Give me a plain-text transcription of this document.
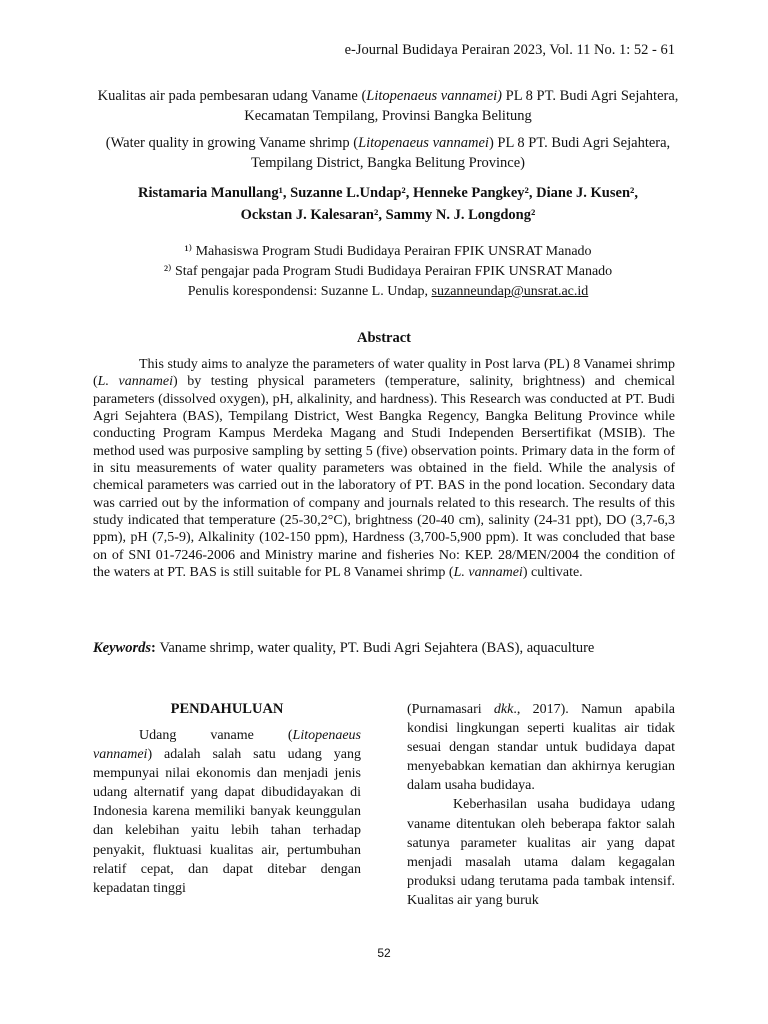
e-Journal Budidaya Perairan 2023, Vol. 11 No. 1: 52 - 61

Kualitas air pada pembesaran udang Vaname (Litopenaeus vannamei) PL 8 PT. Budi Agri Sejahtera, Kecamatan Tempilang, Provinsi Bangka Belitung

(Water quality in growing Vaname shrimp (Litopenaeus vannamei) PL 8 PT. Budi Agri Sejahtera, Tempilang District, Bangka Belitung Province)

Ristamaria Manullang¹, Suzanne L.Undap², Henneke Pangkey², Diane J. Kusen²,

Ockstan J. Kalesaran², Sammy N. J. Longdong²

¹⁾ Mahasiswa Program Studi Budidaya Perairan FPIK UNSRAT Manado

²⁾ Staf pengajar pada Program Studi Budidaya Perairan FPIK UNSRAT Manado

Penulis korespondensi: Suzanne L. Undap, suzanneundap@unsrat.ac.id

Abstract

This study aims to analyze the parameters of water quality in Post larva (PL) 8 Vanamei shrimp (L. vannamei) by testing physical parameters (temperature, salinity, brightness) and chemical parameters (dissolved oxygen), pH, alkalinity, and hardness). This Research was conducted at PT. Budi Agri Sejahtera (BAS), Tempilang District, West Bangka Regency, Bangka Belitung Province while conducting Program Kampus Merdeka Magang and Studi Independen Bersertifikat (MSIB). The method used was purposive sampling by setting 5 (five) observation points. Primary data in the form of in situ measurements of water quality parameters was obtained in the field. While the analysis of chemical parameters was carried out in the laboratory of PT. BAS in the pond location. Secondary data was carried out by the information of company and journals related to this research. The results of this study indicated that temperature (25-30,2°C), brightness (20-40 cm), salinity (24-31 ppt), DO (3,7-6,3 ppm), pH (7,5-9), Alkalinity (102-150 ppm), Hardness (3,700-5,900 ppm). It was concluded that base on of SNI 01-7246-2006 and Ministry marine and fisheries No: KEP. 28/MEN/2004 the condition of the waters at PT. BAS is still suitable for PL 8 Vanamei shrimp (L. vannamei) cultivate.

Keywords: Vaname shrimp, water quality, PT. Budi Agri Sejahtera (BAS), aquaculture
PENDAHULUAN

Udang vaname (Litopenaeus vannamei) adalah salah satu udang yang mempunyai nilai ekonomis dan menjadi jenis udang alternatif yang dapat dibudidayakan di Indonesia karena memiliki banyak keunggulan dan kelebihan yaitu lebih tahan terhadap penyakit, fluktuasi kualitas air, pertumbuhan relatif cepat, dan dapat ditebar dengan kepadatan tinggi

(Purnamasari dkk., 2017). Namun apabila kondisi lingkungan seperti kualitas air tidak sesuai dengan standar untuk budidaya dapat menyebabkan kematian dan akhirnya kerugian dalam usaha budidaya.

Keberhasilan usaha budidaya udang vaname ditentukan oleh beberapa faktor salah satunya parameter kualitas air yang dapat menjadi masalah utama dalam kegagalan produksi udang terutama pada tambak intensif. Kualitas air yang buruk

52
